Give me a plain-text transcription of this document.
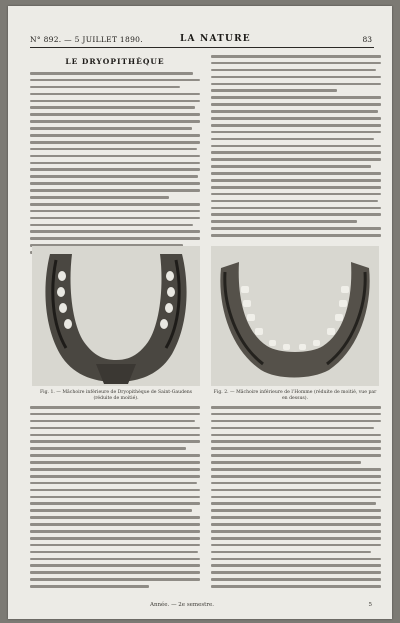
N° 892. — 5 JUILLET 1890.	LA NATURE	83
LE DRYOPITHÈQUE
Fig. 1. — Mâchoire inférieure de Dryopithèque de Saint-Gaudens (réduite de moitié).
Fig. 2. — Mâchoire inférieure de l’Homme (réduite de moitié, vue par en dessus).
Année. — 2e semestre.	5
